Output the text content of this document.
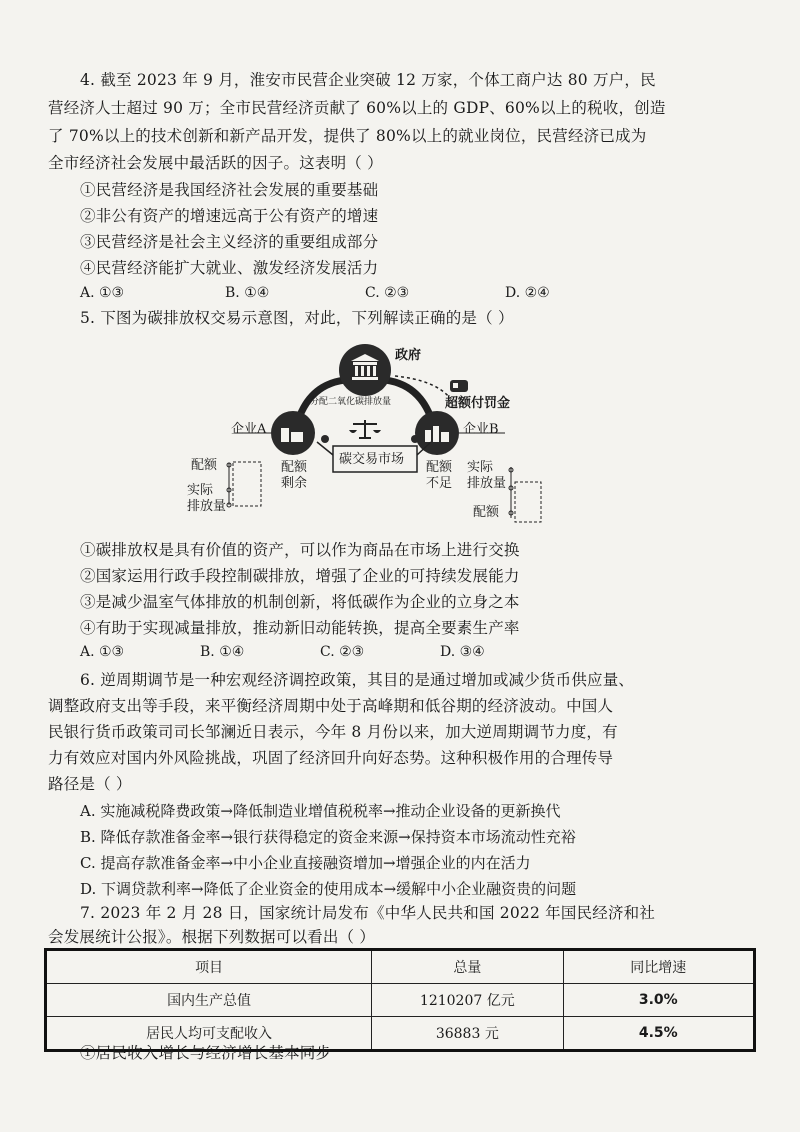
4. 截至 2023 年 9 月，淮安市民营企业突破 12 万家，个体工商户达 80 万户，民
营经济人士超过 90 万；全市民营经济贡献了 60%以上的 GDP、60%以上的税收，创造
了 70%以上的技术创新和新产品开发，提供了 80%以上的就业岗位，民营经济已成为
全市经济社会发展中最活跃的因子。这表明（ ）
①民营经济是我国经济社会发展的重要基础
②非公有资产的增速远高于公有资产的增速
③民营经济是社会主义经济的重要组成部分
④民营经济能扩大就业、激发经济发展活力
A. ①③	B. ①④	C. ②③	D. ②④
5. 下图为碳排放权交易示意图，对此，下列解读正确的是（ ）
政府
分配二氧化碳排放量	超额付罚金
企业A	企业B
碳交易市场
配额
剩余
配额
不足
配额
实际
排放量
实际
排放量
配额
①碳排放权是具有价值的资产，可以作为商品在市场上进行交换
②国家运用行政手段控制碳排放，增强了企业的可持续发展能力
③是减少温室气体排放的机制创新，将低碳作为企业的立身之本
④有助于实现减量排放，推动新旧动能转换，提高全要素生产率
A. ①③	B. ①④	C. ②③	D. ③④
6. 逆周期调节是一种宏观经济调控政策，其目的是通过增加或减少货币供应量、
调整政府支出等手段，来平衡经济周期中处于高峰期和低谷期的经济波动。中国人
民银行货币政策司司长邹澜近日表示，今年 8 月份以来，加大逆周期调节力度，有
力有效应对国内外风险挑战，巩固了经济回升向好态势。这种积极作用的合理传导
路径是（ ）
A. 实施减税降费政策→降低制造业增值税税率→推动企业设备的更新换代
B. 降低存款准备金率→银行获得稳定的资金来源→保持资本市场流动性充裕
C. 提高存款准备金率→中小企业直接融资增加→增强企业的内在活力
D. 下调贷款利率→降低了企业资金的使用成本→缓解中小企业融资贵的问题
7. 2023 年 2 月 28 日，国家统计局发布《中华人民共和国 2022 年国民经济和社
会发展统计公报》。根据下列数据可以看出（ ）
项目	总量	同比增速
国内生产总值	1210207 亿元	3.0%
居民人均可支配收入	36883 元	4.5%
①居民收入增长与经济增长基本同步
